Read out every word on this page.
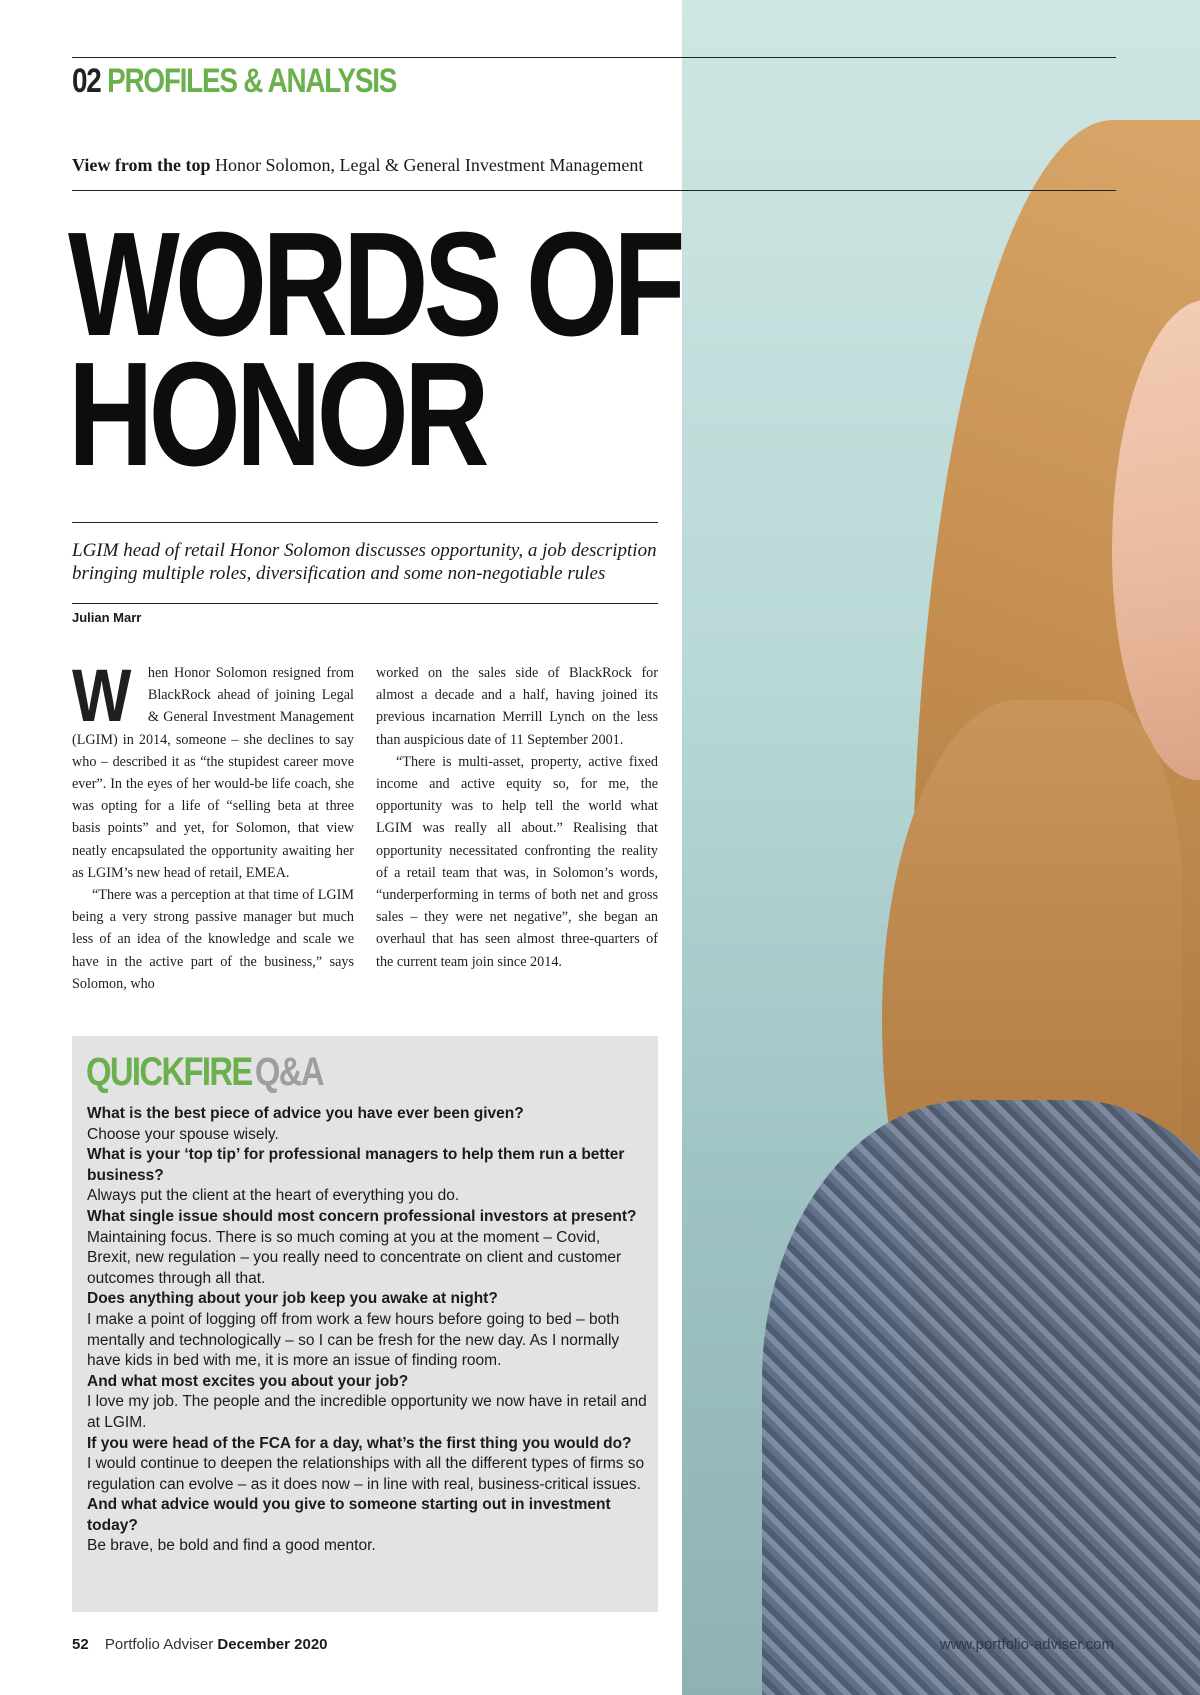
www.portfolio-adviser.com
02 PROFILES & ANALYSIS
View from the top Honor Solomon, Legal & General Investment Management
WORDS OF
HONOR
LGIM head of retail Honor Solomon discusses opportunity, a job description bringing multiple roles, diversification and some non-negotiable rules
Julian Marr

W hen Honor Solomon resigned from BlackRock ahead of joining Legal & General Investment Management (LGIM) in 2014, someone – she declines to say who – described it as “the stupidest career move ever”. In the eyes of her would-be life coach, she was opting for a life of “selling beta at three basis points” and yet, for Solomon, that view neatly encapsulated the opportunity awaiting her as LGIM’s new head of retail, EMEA.

“There was a perception at that time of LGIM being a very strong passive manager but much less of an idea of the knowledge and scale we have in the active part of the business,” says Solomon, who

worked on the sales side of BlackRock for almost a decade and a half, having joined its previous incarnation Merrill Lynch on the less than auspicious date of 11 September 2001.

“There is multi-asset, property, active fixed income and active equity so, for me, the opportunity was to help tell the world what LGIM was really all about.” Realising that opportunity necessitated confronting the reality of a retail team that was, in Solomon’s words, “underperforming in terms of both net and gross sales – they were net negative”, she began an overhaul that has seen almost three-quarters of the current team join since 2014.

QUICKFIREQ&A
What is the best piece of advice you have ever been given?
Choose your spouse wisely.
What is your ‘top tip’ for professional managers to help them run a better business?
Always put the client at the heart of everything you do.
What single issue should most concern professional investors at present?
Maintaining focus. There is so much coming at you at the moment – Covid, Brexit, new regulation – you really need to concentrate on client and customer outcomes through all that.
Does anything about your job keep you awake at night?
I make a point of logging off from work a few hours before going to bed – both mentally and technologically – so I can be fresh for the new day. As I normally have kids in bed with me, it is more an issue of finding room.
And what most excites you about your job?
I love my job. The people and the incredible opportunity we now have in retail and at LGIM.
If you were head of the FCA for a day, what’s the first thing you would do?
I would continue to deepen the relationships with all the different types of firms so regulation can evolve – as it does now – in line with real, business-critical issues.
And what advice would you give to someone starting out in investment today?
Be brave, be bold and find a good mentor.
52 Portfolio Adviser December 2020
